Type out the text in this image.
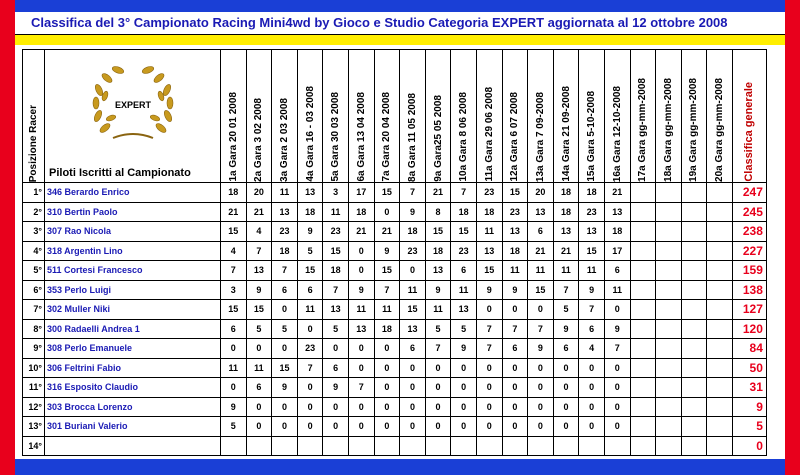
Classifica del 3° Campionato Racing Mini4wd by Gioco e Studio Categoria EXPERT aggiornata al 12 ottobre 2008
Posizione Racer	EXPERT
Piloti Iscritti al Campionato	1a Gara 20 01 2008	2a Gara 3 02 2008	3a Gara 2 03 2008	4a Gara 16 - 03 2008	5a Gara 30 03 2008	6a Gara 13 04 2008	7a Gara 20 04 2008	8a Gara 11 05 2008	9a Gara25 05 2008	10a Gara 8 06 2008	11a Gara 29 06 2008	12a Gara 6 07 2008	13a Gara 7 09-2008	14a Gara 21 09-2008	15a Gara 5-10-2008	16a Gara 12-10-2008	17a Gara gg-mm-2008	18a Gara gg-mm-2008	19a Gara gg-mm-2008	20a Gara gg-mm-2008	Classifica generale

1°	346 Berardo Enrico	18	20	11	13	3	17	15	7	21	7	23	15	20	18	18	21					247
2°	310 Bertin Paolo	21	21	13	18	11	18	0	9	8	18	18	23	13	18	23	13					245
3°	307 Rao Nicola	15	4	23	9	23	21	21	18	15	15	11	13	6	13	13	18					238
4°	318 Argentin Lino	4	7	18	5	15	0	9	23	18	23	13	18	21	21	15	17					227
5°	511 Cortesi Francesco	7	13	7	15	18	0	15	0	13	6	15	11	11	11	11	6					159
6°	353 Perlo Luigi	3	9	6	6	7	9	7	11	9	11	9	9	15	7	9	11					138
7°	302 Muller Niki	15	15	0	11	13	11	11	15	11	13	0	0	0	5	7	0					127
8°	300 Radaelli Andrea 1	6	5	5	0	5	13	18	13	5	5	7	7	7	9	6	9					120
9°	308 Perlo Emanuele	0	0	0	23	0	0	0	6	7	9	7	6	9	6	4	7					84
10°	306 Feltrini Fabio	11	11	15	7	6	0	0	0	0	0	0	0	0	0	0	0					50
11°	316 Esposito Claudio	0	6	9	0	9	7	0	0	0	0	0	0	0	0	0	0					31
12°	303 Brocca Lorenzo	9	0	0	0	0	0	0	0	0	0	0	0	0	0	0	0					9
13°	301 Buriani Valerio	5	0	0	0	0	0	0	0	0	0	0	0	0	0	0	0					5
14°																						0
